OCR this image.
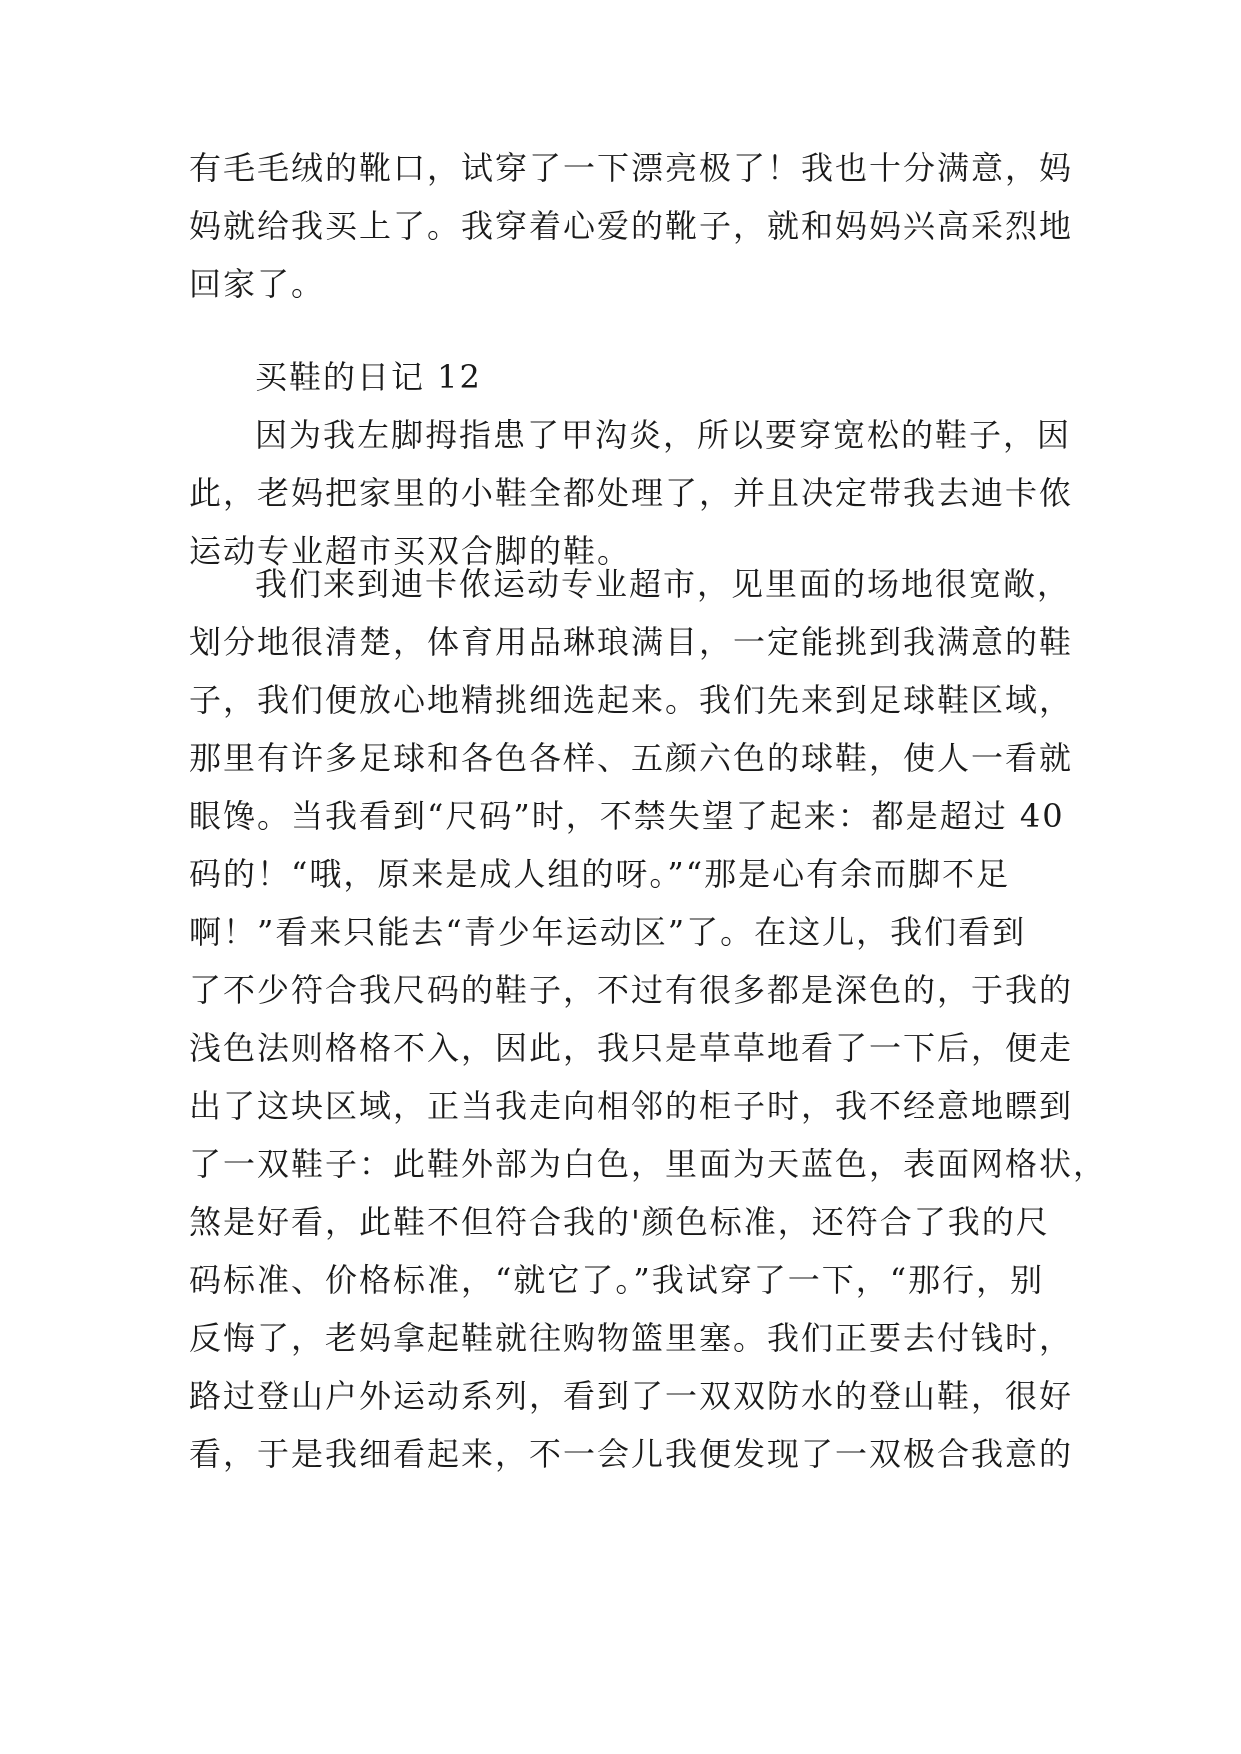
有毛毛绒的靴口，试穿了一下漂亮极了！我也十分满意，妈
妈就给我买上了。我穿着心爱的靴子，就和妈妈兴高采烈地
回家了。
买鞋的日记 12
因为我左脚拇指患了甲沟炎，所以要穿宽松的鞋子，因
此，老妈把家里的小鞋全都处理了，并且决定带我去迪卡侬
运动专业超市买双合脚的鞋。
我们来到迪卡侬运动专业超市，见里面的场地很宽敞，
划分地很清楚，体育用品琳琅满目，一定能挑到我满意的鞋
子，我们便放心地精挑细选起来。我们先来到足球鞋区域，
那里有许多足球和各色各样、五颜六色的球鞋，使人一看就
眼馋。当我看到“尺码”时，不禁失望了起来：都是超过 40
码的！“哦，原来是成人组的呀。”“那是心有余而脚不足
啊！”看来只能去“青少年运动区”了。在这儿，我们看到
了不少符合我尺码的鞋子，不过有很多都是深色的，于我的
浅色法则格格不入，因此，我只是草草地看了一下后，便走
出了这块区域，正当我走向相邻的柜子时，我不经意地瞟到
了一双鞋子：此鞋外部为白色，里面为天蓝色，表面网格状，
煞是好看，此鞋不但符合我的'颜色标准，还符合了我的尺
码标准、价格标准，“就它了。”我试穿了一下，“那行，别
反悔了，老妈拿起鞋就往购物篮里塞。我们正要去付钱时，
路过登山户外运动系列，看到了一双双防水的登山鞋，很好
看，于是我细看起来，不一会儿我便发现了一双极合我意的
